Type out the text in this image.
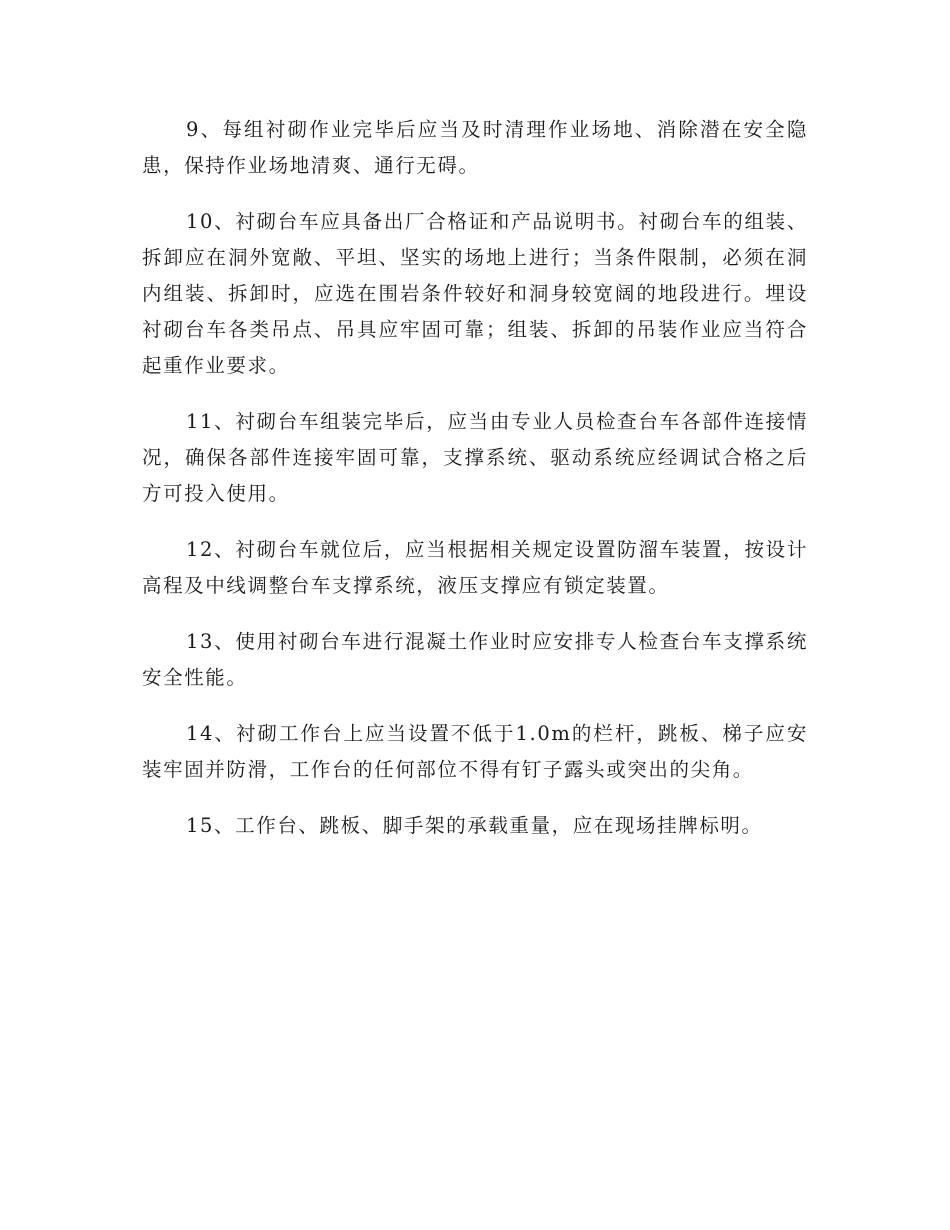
9、每组衬砌作业完毕后应当及时清理作业场地、消除潜在安全隐患，保持作业场地清爽、通行无碍。

10、衬砌台车应具备出厂合格证和产品说明书。衬砌台车的组装、拆卸应在洞外宽敞、平坦、坚实的场地上进行；当条件限制，必须在洞内组装、拆卸时，应选在围岩条件较好和洞身较宽阔的地段进行。埋设衬砌台车各类吊点、吊具应牢固可靠；组装、拆卸的吊装作业应当符合起重作业要求。

11、衬砌台车组装完毕后，应当由专业人员检查台车各部件连接情况，确保各部件连接牢固可靠，支撑系统、驱动系统应经调试合格之后方可投入使用。

12、衬砌台车就位后，应当根据相关规定设置防溜车装置，按设计高程及中线调整台车支撑系统，液压支撑应有锁定装置。

13、使用衬砌台车进行混凝土作业时应安排专人检查台车支撑系统安全性能。

14、衬砌工作台上应当设置不低于1.0m的栏杆，跳板、梯子应安装牢固并防滑，工作台的任何部位不得有钉子露头或突出的尖角。

15、工作台、跳板、脚手架的承载重量，应在现场挂牌标明。
